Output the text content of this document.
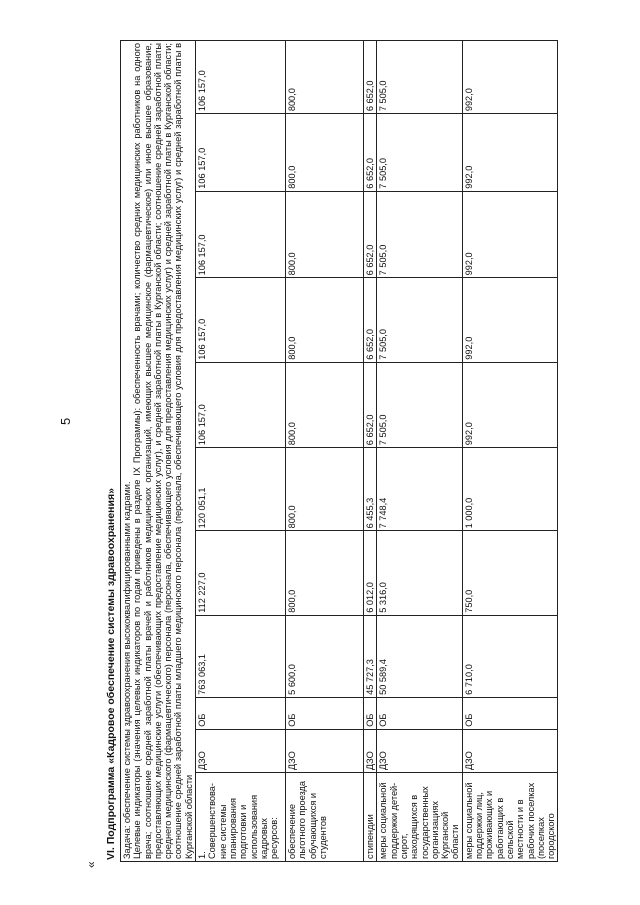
5
«
VI. Подпрограмма «Кадровое обеспечение системы здравоохранения» Задача: обеспечение системы здравоохранения высококвалифицированными кадрами. Целевые индикаторы (значения целевых индикаторов по годам приведены в разделе IX Программы): обеспеченность врачами; количество средних медицинских работников на одного врача; соотношение средней заработной платы врачей и работников медицинских организаций, имеющих высшее медицинское (фармацевтическое) или иное высшее образование, предоставляющих медицинские услуги (обеспечивающих предоставление медицинских услуг), и средней заработной платы в Курганской области; соотношение средней заработной платы среднего медицинского (фармацевтического) персонала (персонала, обеспечивающего условия для предоставления медицинских услуг) и средней заработной платы в Курганской области; соотношение средней заработной платы младшего медицинского персонала (персонала, обеспечивающего условия для предоставления медицинских услуг) и средней заработной платы в Курганской области										

1. Совершенствова-ние системы планирования подготовки и использования кадровых ресурсов:	ДЗО	ОБ	763 063,1	112 227,0	120 051,1	106 157,0	106 157,0	106 157,0	106 157,0	106 157,0
обеспечение льготного проезда обучающихся и студентов	ДЗО	ОБ	5 600,0	800,0	800,0	800,0	800,0	800,0	800,0	800,0
стипендии	ДЗО	ОБ	45 727,3	6 012,0	6 455,3	6 652,0	6 652,0	6 652,0	6 652,0	6 652,0
меры социальной поддержки детей-сирот, находящихся в государственных организациях Курганской области	ДЗО	ОБ	50 589,4	5 316,0	7 748,4	7 505,0	7 505,0	7 505,0	7 505,0	7 505,0
меры социальной поддержки лиц, проживающих и работающих в сельской местности и в рабочих поселках (поселках городского	ДЗО	ОБ	6 710,0	750,0	1 000,0	992,0	992,0	992,0	992,0	992,0
